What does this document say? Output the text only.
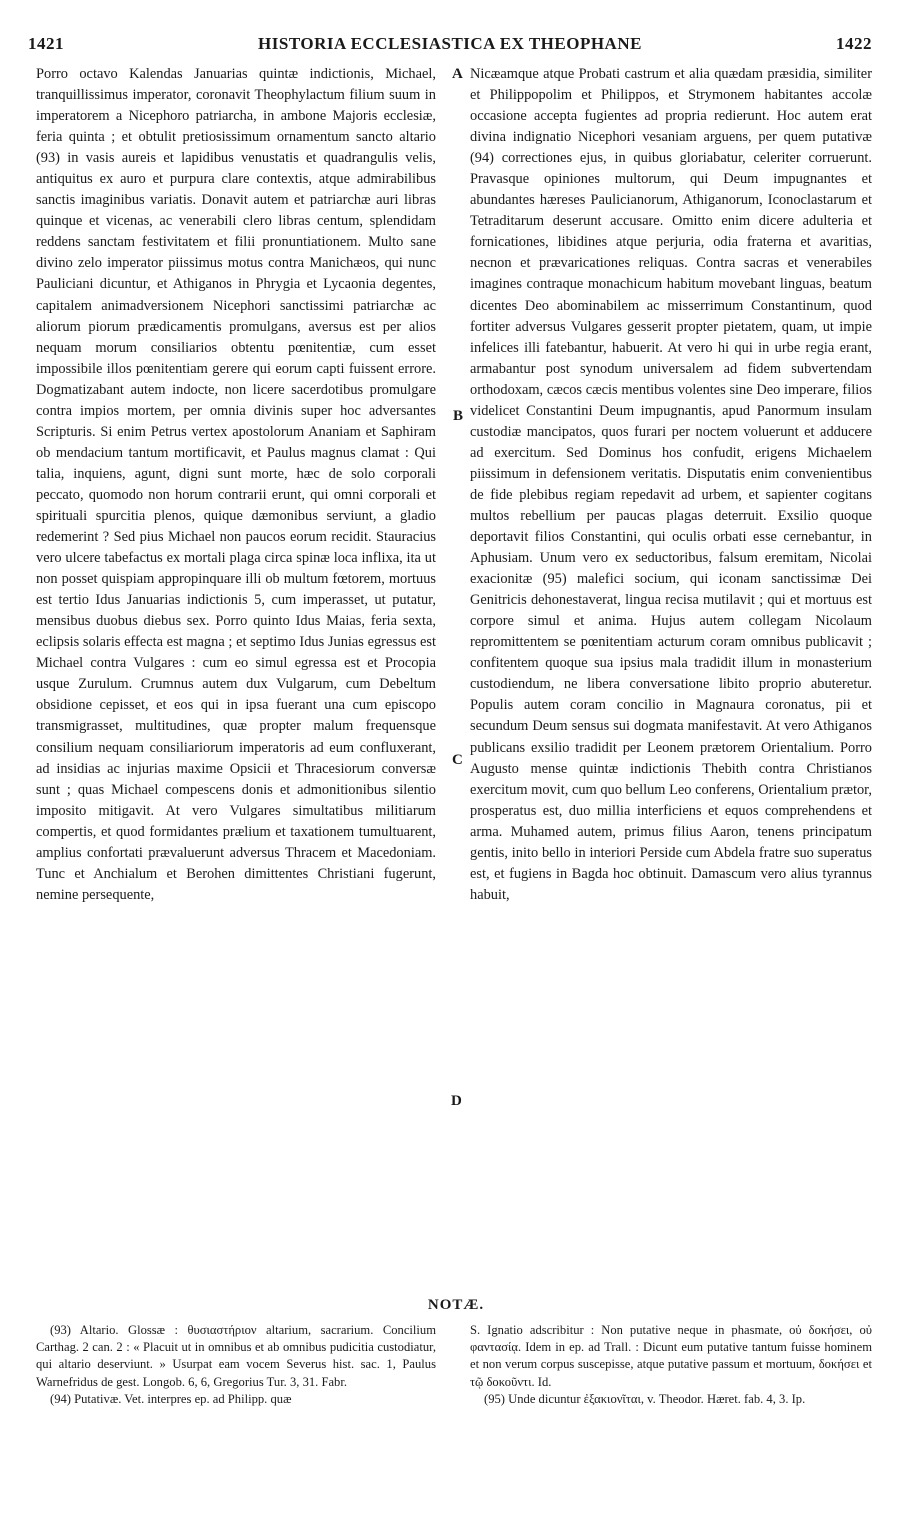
1421	HISTORIA ECCLESIASTICA EX THEOPHANE	1422

Porro octavo Kalendas Januarias quintæ indictionis, Michael, tranquillissimus imperator, coronavit Theophylactum filium suum in imperatorem a Nicephoro patriarcha, in ambone Majoris ecclesiæ, feria quinta ; et obtulit pretiosissimum ornamentum sancto altario (93) in vasis aureis et lapidibus venustatis et quadrangulis velis, antiquitus ex auro et purpura clare contextis, atque admirabilibus sanctis imaginibus variatis. Donavit autem et patriarchæ auri libras quinque et vicenas, ac venerabili clero libras centum, splendidam reddens sanctam festivitatem et filii pronuntiationem. Multo sane divino zelo imperator piissimus motus contra Manichæos, qui nunc Pauliciani dicuntur, et Athiganos in Phrygia et Lycaonia degentes, capitalem animadversionem Nicephori sanctissimi patriarchæ ac aliorum piorum prædicamentis promulgans, aversus est per alios nequam morum consiliarios obtentu pœnitentiæ, cum esset impossibile illos pœnitentiam gerere qui eorum capti fuissent errore. Dogmatizabant autem indocte, non licere sacerdotibus promulgare contra impios mortem, per omnia divinis super hoc adversantes Scripturis. Si enim Petrus vertex apostolorum Ananiam et Saphiram ob mendacium tantum mortificavit, et Paulus magnus clamat : Qui talia, inquiens, agunt, digni sunt morte, hæc de solo corporali peccato, quomodo non horum contrarii erunt, qui omni corporali et spirituali spurcitia plenos, quique dæmonibus serviunt, a gladio redemerint ? Sed pius Michael non paucos eorum recidit. Stauracius vero ulcere tabefactus ex mortali plaga circa spinæ loca inflixa, ita ut non posset quispiam appropinquare illi ob multum fœtorem, mortuus est tertio Idus Januarias indictionis 5, cum imperasset, ut putatur, mensibus duobus diebus sex. Porro quinto Idus Maias, feria sexta, eclipsis solaris effecta est magna ; et septimo Idus Junias egressus est Michael contra Vulgares : cum eo simul egressa est et Procopia usque Zurulum. Crumnus autem dux Vulgarum, cum Debeltum obsidione cepisset, et eos qui in ipsa fuerant una cum episcopo transmigrasset, multitudines, quæ propter malum frequensque consilium nequam consiliariorum imperatoris ad eum confluxerant, ad insidias ac injurias maxime Opsicii et Thracesiorum conversæ sunt ; quas Michael compescens donis et admonitionibus silentio imposito mitigavit. At vero Vulgares simultatibus militiarum compertis, et quod formidantes prælium et taxationem tumultuarent, amplius confortati prævaluerunt adversus Thracem et Macedoniam. Tunc et Anchialum et Berohen dimittentes Christiani fugerunt, nemine persequente,

Nicæamque atque Probati castrum et alia quædam præsidia, similiter et Philippopolim et Philippos, et Strymonem habitantes accolæ occasione accepta fugientes ad propria redierunt. Hoc autem erat divina indignatio Nicephori vesaniam arguens, per quem putativæ (94) correctiones ejus, in quibus gloriabatur, celeriter corruerunt. Pravasque opiniones multorum, qui Deum impugnantes et abundantes hæreses Paulicianorum, Athiganorum, Iconoclastarum et Tetraditarum deserunt accusare. Omitto enim dicere adulteria et fornicationes, libidines atque perjuria, odia fraterna et avaritias, necnon et prævaricationes reliquas. Contra sacras et venerabiles imagines contraque monachicum habitum movebant linguas, beatum dicentes Deo abominabilem ac misserrimum Constantinum, quod fortiter adversus Vulgares gesserit propter pietatem, quam, ut impie infelices illi fatebantur, habuerit. At vero hi qui in urbe regia erant, armabantur post synodum universalem ad fidem subvertendam orthodoxam, cæcos cæcis mentibus volentes sine Deo imperare, filios videlicet Constantini Deum impugnantis, apud Panormum insulam custodiæ mancipatos, quos furari per noctem voluerunt et adducere ad exercitum. Sed Dominus hos confudit, erigens Michaelem piissimum in defensionem veritatis. Disputatis enim convenientibus de fide plebibus regiam repedavit ad urbem, et sapienter cogitans multos rebellium per paucas plagas deterruit. Exsilio quoque deportavit filios Constantini, qui oculis orbati esse cernebantur, in Aphusiam. Unum vero ex seductoribus, falsum eremitam, Nicolai exacionitæ (95) malefici socium, qui iconam sanctissimæ Dei Genitricis dehonestaverat, lingua recisa mutilavit ; qui et mortuus est corpore simul et anima. Hujus autem collegam Nicolaum repromittentem se pœnitentiam acturum coram omnibus publicavit ; confitentem quoque sua ipsius mala tradidit illum in monasterium custodiendum, ne libera conversatione libito proprio abuteretur. Populis autem coram concilio in Magnaura coronatus, pii et secundum Deum sensus sui dogmata manifestavit. At vero Athiganos publicans exsilio tradidit per Leonem prætorem Orientalium. Porro Augusto mense quintæ indictionis Thebith contra Christianos exercitum movit, cum quo bellum Leo conferens, Orientalium prætor, prosperatus est, duo millia interficiens et equos comprehendens et arma. Muhamed autem, primus filius Aaron, tenens principatum gentis, inito bello in interiori Perside cum Abdela fratre suo superatus est, et fugiens in Bagda hoc obtinuit. Damascum vero alius tyrannus habuit,

A
B
C
D
NOTÆ.

(93) Altario. Glossæ : θυσιαστήριον altarium, sacrarium. Concilium Carthag. 2 can. 2 : « Placuit ut in omnibus et ab omnibus pudicitia custodiatur, qui altario deserviunt. » Usurpat eam vocem Severus hist. sac. 1, Paulus Warnefridus de gest. Longob. 6, 6, Gregorius Tur. 3, 31. Fabr.

(94) Putativæ. Vet. interpres ep. ad Philipp. quæ

S. Ignatio adscribitur : Non putative neque in phasmate, οὐ δοκήσει, οὐ φαντασίᾳ. Idem in ep. ad Trall. : Dicunt eum putative tantum fuisse hominem et non verum corpus suscepisse, atque putative passum et mortuum, δοκήσει et τῷ δοκοῦντι. Id.

(95) Unde dicuntur ἐξακιονῖται, v. Theodor. Hæret. fab. 4, 3. Ip.
